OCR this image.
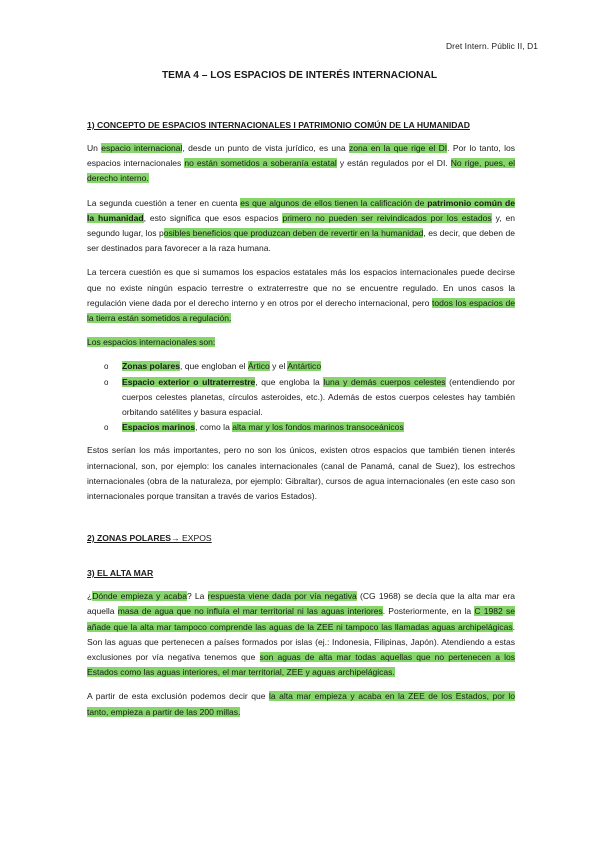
Dret Intern. Públic II, D1
TEMA 4 – LOS ESPACIOS DE INTERÉS INTERNACIONAL
1) CONCEPTO DE ESPACIOS INTERNACIONALES I PATRIMONIO COMÚN DE LA HUMANIDAD

Un espacio internacional, desde un punto de vista jurídico, es una zona en la que rige el DI. Por lo tanto, los espacios internacionales no están sometidos a soberanía estatal y están regulados por el DI. No rige, pues, el derecho interno.

La segunda cuestión a tener en cuenta es que algunos de ellos tienen la calificación de patrimonio común de la humanidad, esto significa que esos espacios primero no pueden ser reivindicados por los estados y, en segundo lugar, los posibles beneficios que produzcan deben de revertir en la humanidad, es decir, que deben de ser destinados para favorecer a la raza humana.

La tercera cuestión es que si sumamos los espacios estatales más los espacios internacionales puede decirse que no existe ningún espacio terrestre o extraterrestre que no se encuentre regulado. En unos casos la regulación viene dada por el derecho interno y en otros por el derecho internacional, pero todos los espacios de la tierra están sometidos a regulación.

Los espacios internacionales son:

o Zonas polares, que engloban el Ártico y el Antártico
o Espacio exterior o ultraterrestre, que engloba la luna y demás cuerpos celestes (entendiendo por cuerpos celestes planetas, círculos asteroides, etc.). Además de estos cuerpos celestes hay también orbitando satélites y basura espacial.
o Espacios marinos, como la alta mar y los fondos marinos transoceánicos

Estos serían los más importantes, pero no son los únicos, existen otros espacios que también tienen interés internacional, son, por ejemplo: los canales internacionales (canal de Panamá, canal de Suez), los estrechos internacionales (obra de la naturaleza, por ejemplo: Gibraltar), cursos de agua internacionales (en este caso son internacionales porque transitan a través de varios Estados).

2) ZONAS POLARES→ EXPOS
3) EL ALTA MAR

¿Dónde empieza y acaba? La respuesta viene dada por vía negativa (CG 1968) se decía que la alta mar era aquella masa de agua que no influía el mar territorial ni las aguas interiores. Posteriormente, en la C 1982 se añade que la alta mar tampoco comprende las aguas de la ZEE ni tampoco las llamadas aguas archipelágicas. Son las aguas que pertenecen a países formados por islas (ej.: Indonesia, Filipinas, Japón). Atendiendo a estas exclusiones por vía negativa tenemos que son aguas de alta mar todas aquellas que no pertenecen a los Estados como las aguas interiores, el mar territorial, ZEE y aguas archipelágicas.

A partir de esta exclusión podemos decir que la alta mar empieza y acaba en la ZEE de los Estados, por lo tanto, empieza a partir de las 200 millas.
